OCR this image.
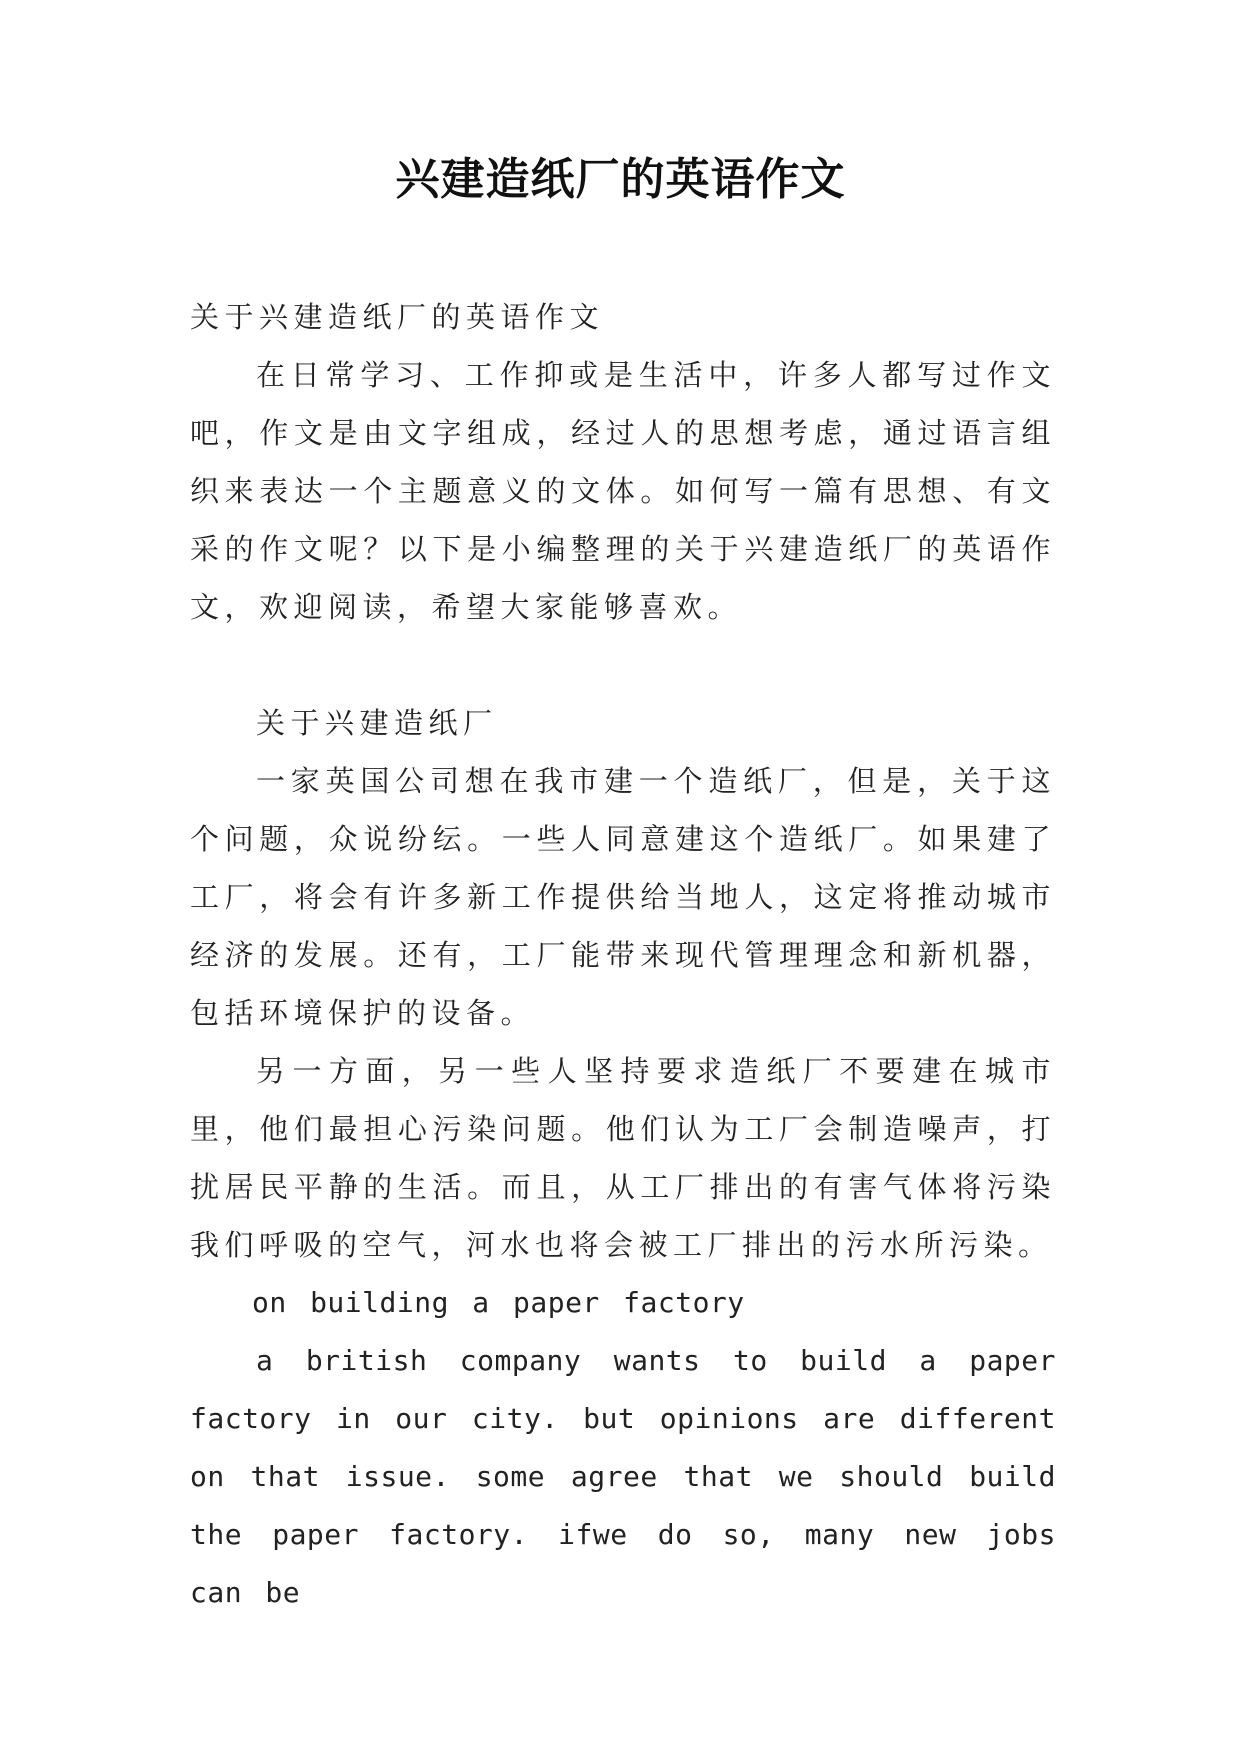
兴建造纸厂的英语作文

关于兴建造纸厂的英语作文

在日常学习、工作抑或是生活中，许多人都写过作文吧，作文是由文字组成，经过人的思想考虑，通过语言组织来表达一个主题意义的文体。如何写一篇有思想、有文采的作文呢？以下是小编整理的关于兴建造纸厂的英语作文，欢迎阅读，希望大家能够喜欢。

关于兴建造纸厂

一家英国公司想在我市建一个造纸厂，但是，关于这个问题，众说纷纭。一些人同意建这个造纸厂。如果建了工厂，将会有许多新工作提供给当地人，这定将推动城市经济的发展。还有，工厂能带来现代管理理念和新机器，包括环境保护的设备。

另一方面，另一些人坚持要求造纸厂不要建在城市里，他们最担心污染问题。他们认为工厂会制造噪声，打扰居民平静的生活。而且，从工厂排出的有害气体将污染我们呼吸的空气，河水也将会被工厂排出的污水所污染。

on building a paper factory

a british company wants to build a paper factory in our city. but opinions are different on that issue. some agree that we should build the paper factory. ifwe do so, many new jobs can be
